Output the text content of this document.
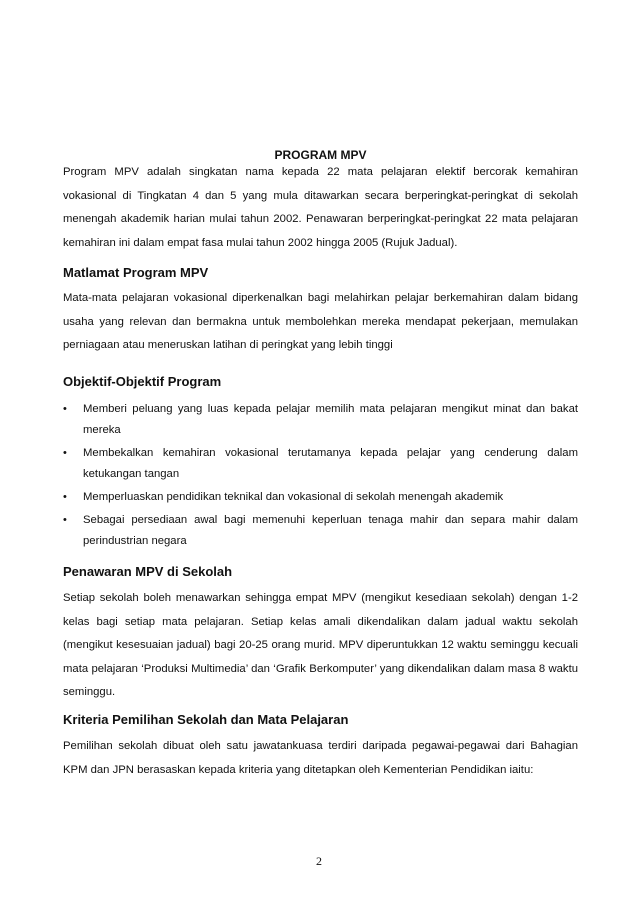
PROGRAM MPV
Program MPV adalah singkatan nama kepada 22 mata pelajaran elektif bercorak kemahiran vokasional di Tingkatan 4 dan 5 yang mula ditawarkan secara berperingkat-peringkat di sekolah menengah akademik harian mulai tahun 2002. Penawaran berperingkat-peringkat 22 mata pelajaran kemahiran ini dalam empat fasa mulai tahun 2002 hingga 2005 (Rujuk Jadual).
Matlamat Program MPV
Mata-mata pelajaran vokasional diperkenalkan bagi melahirkan pelajar berkemahiran dalam bidang usaha yang relevan dan bermakna untuk membolehkan mereka mendapat pekerjaan, memulakan perniagaan atau meneruskan latihan di peringkat yang lebih tinggi
Objektif-Objektif Program
• Memberi peluang yang luas kepada pelajar memilih mata pelajaran mengikut minat dan bakat mereka
• Membekalkan kemahiran vokasional terutamanya kepada pelajar yang cenderung dalam ketukangan tangan
• Memperluaskan pendidikan teknikal dan vokasional di sekolah menengah akademik
• Sebagai persediaan awal bagi memenuhi keperluan tenaga mahir dan separa mahir dalam perindustrian negara
Penawaran MPV di Sekolah
Setiap sekolah boleh menawarkan sehingga empat MPV (mengikut kesediaan sekolah) dengan 1-2 kelas bagi setiap mata pelajaran. Setiap kelas amali dikendalikan dalam jadual waktu sekolah (mengikut kesesuaian jadual) bagi 20-25 orang murid. MPV diperuntukkan 12 waktu seminggu kecuali mata pelajaran ‘Produksi Multimedia’ dan ‘Grafik Berkomputer’ yang dikendalikan dalam masa 8 waktu seminggu.
Kriteria Pemilihan Sekolah dan Mata Pelajaran
Pemilihan sekolah dibuat oleh satu jawatankuasa terdiri daripada pegawai-pegawai dari Bahagian KPM dan JPN berasaskan kepada kriteria yang ditetapkan oleh Kementerian Pendidikan iaitu:
2
